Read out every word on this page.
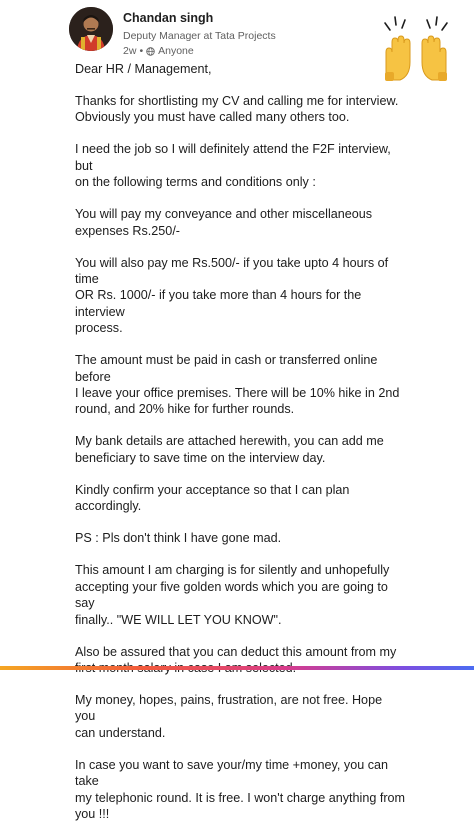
Chandan singh
Deputy Manager at Tata Projects
2w • Anyone

Dear HR / Management,

Thanks for shortlisting my CV and calling me for interview.
Obviously you must have called many others too.

I need the job so I will definitely attend the F2F interview, but
on the following terms and conditions only :

You will pay my conveyance and other miscellaneous
expenses Rs.250/-

You will also pay me Rs.500/- if you take upto 4 hours of time
OR Rs. 1000/- if you take more than 4 hours for the interview
process.

The amount must be paid in cash or transferred online before
I leave your office premises. There will be 10% hike in 2nd
round, and 20% hike for further rounds.

My bank details are attached herewith, you can add me
beneficiary to save time on the interview day.

Kindly confirm your acceptance so that I can plan accordingly.

PS : Pls don't think I have gone mad.

This amount I am charging is for silently and unhopefully
accepting your five golden words which you are going to say
finally.. "WE WILL LET YOU KNOW".

Also be assured that you can deduct this amount from my

My money, hopes, pains, frustration, are not free. Hope you
can understand.

In case you want to save your/my time +money, you can take
my telephonic round. It is free. I won't charge anything from
you !!!
